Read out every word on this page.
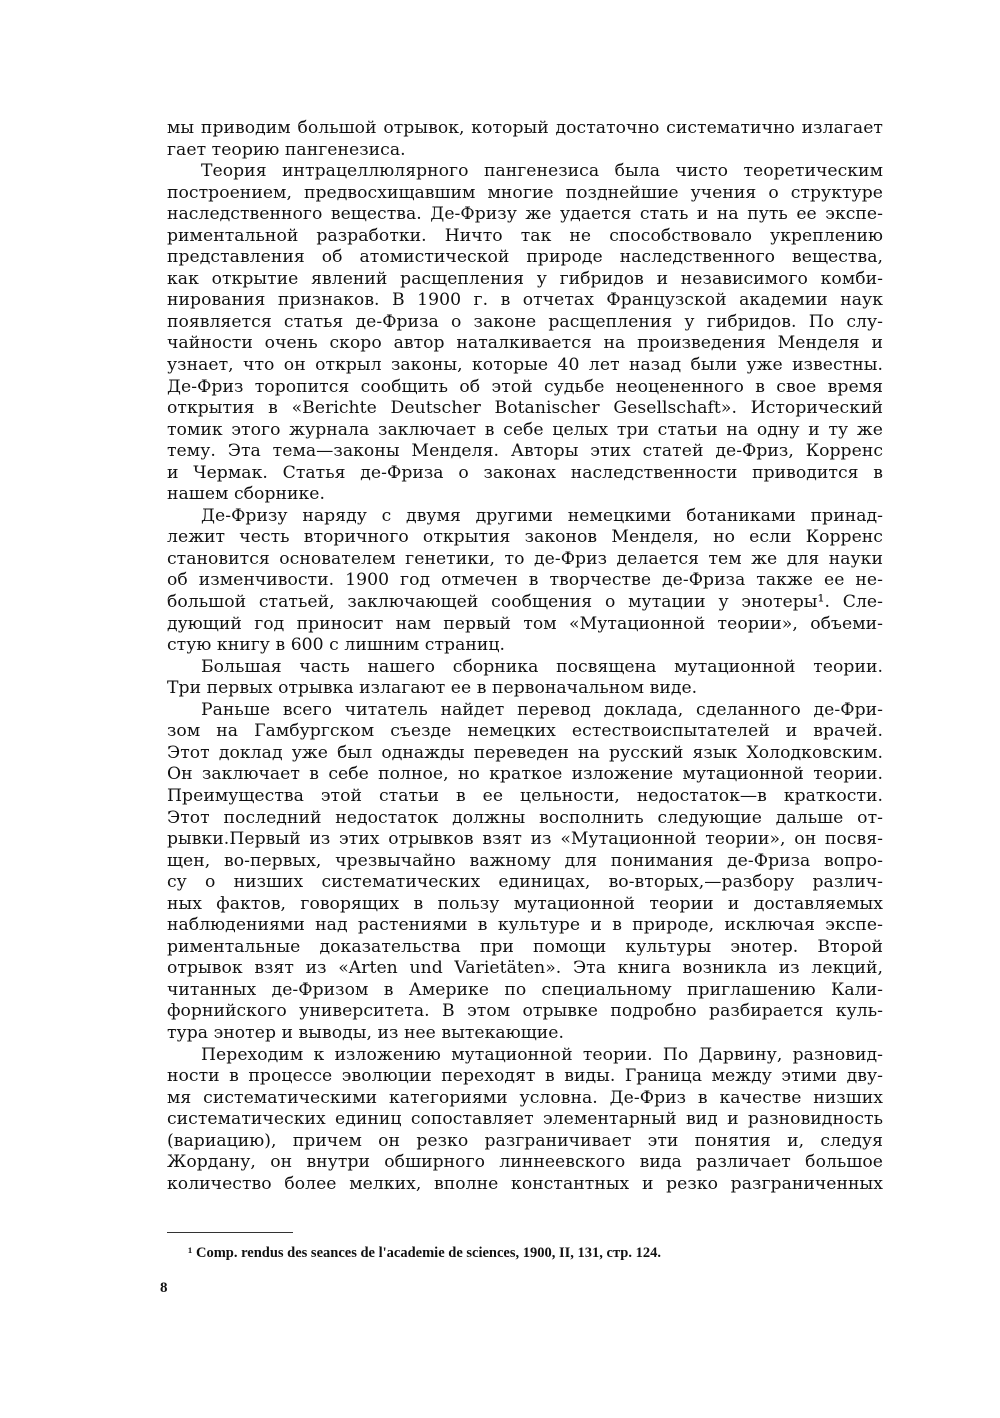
мы приводим большой отрывок, который достаточно систематично излагает
гает теорию пангенезиса.
Теория интрацеллюлярного пангенезиса была чисто теоретическим
построением, предвосхищавшим многие позднейшие учения о структуре
наследственного вещества. Де-Фризу же удается стать и на путь ее экспе-
риментальной разработки. Ничто так не способствовало укреплению
представления об атомистической природе наследственного вещества,
как открытие явлений расщепления у гибридов и независимого комби-
нирования признаков. В 1900 г. в отчетах Французской академии наук
появляется статья де-Фриза о законе расщепления у гибридов. По слу-
чайности очень скоро автор наталкивается на произведения Менделя и
узнает, что он открыл законы, которые 40 лет назад были уже известны.
Де-Фриз торопится сообщить об этой судьбе неоцененного в свое время
открытия в «Berichte Deutscher Botanischer Gesellschaft». Исторический
томик этого журнала заключает в себе целых три статьи на одну и ту же
тему. Эта тема—законы Менделя. Авторы этих статей де-Фриз, Корренс
и Чермак. Статья де-Фриза о законах наследственности приводится в
нашем сборнике.
Де-Фризу наряду с двумя другими немецкими ботаниками принад-
лежит честь вторичного открытия законов Менделя, но если Корренс
становится основателем генетики, то де-Фриз делается тем же для науки
об изменчивости. 1900 год отмечен в творчестве де-Фриза также ее не-
большой статьей, заключающей сообщения о мутации у энотеры¹. Сле-
дующий год приносит нам первый том «Мутационной теории», объеми-
стую книгу в 600 с лишним страниц.
Большая часть нашего сборника посвящена мутационной теории.
Три первых отрывка излагают ее в первоначальном виде.
Раньше всего читатель найдет перевод доклада, сделанного де-Фри-
зом на Гамбургском съезде немецких естествоиспытателей и врачей.
Этот доклад уже был однажды переведен на русский язык Холодковским.
Он заключает в себе полное, но краткое изложение мутационной теории.
Преимущества этой статьи в ее цельности, недостаток—в краткости.
Этот последний недостаток должны восполнить следующие дальше от-
рывки.Первый из этих отрывков взят из «Мутационной теории», он посвя-
щен, во-первых, чрезвычайно важному для понимания де-Фриза вопро-
су о низших систематических единицах, во-вторых,—разбору различ-
ных фактов, говорящих в пользу мутационной теории и доставляемых
наблюдениями над растениями в культуре и в природе, исключая экспе-
риментальные доказательства при помощи культуры энотер. Второй
отрывок взят из «Arten und Varietäten». Эта книга возникла из лекций,
читанных де-Фризом в Америке по специальному приглашению Кали-
форнийского университета. В этом отрывке подробно разбирается куль-
тура энотер и выводы, из нее вытекающие.
Переходим к изложению мутационной теории. По Дарвину, разновид-
ности в процессе эволюции переходят в виды. Граница между этими дву-
мя систематическими категориями условна. Де-Фриз в качестве низших
систематических единиц сопоставляет элементарный вид и разновидность
(вариацию), причем он резко разграничивает эти понятия и, следуя
Жордану, он внутри обширного линнеевского вида различает большое
количество более мелких, вполне константных и резко разграниченных
¹ Comp. rendus des seances de l'academie de sciences, 1900, II, 131, стр. 124.
8
